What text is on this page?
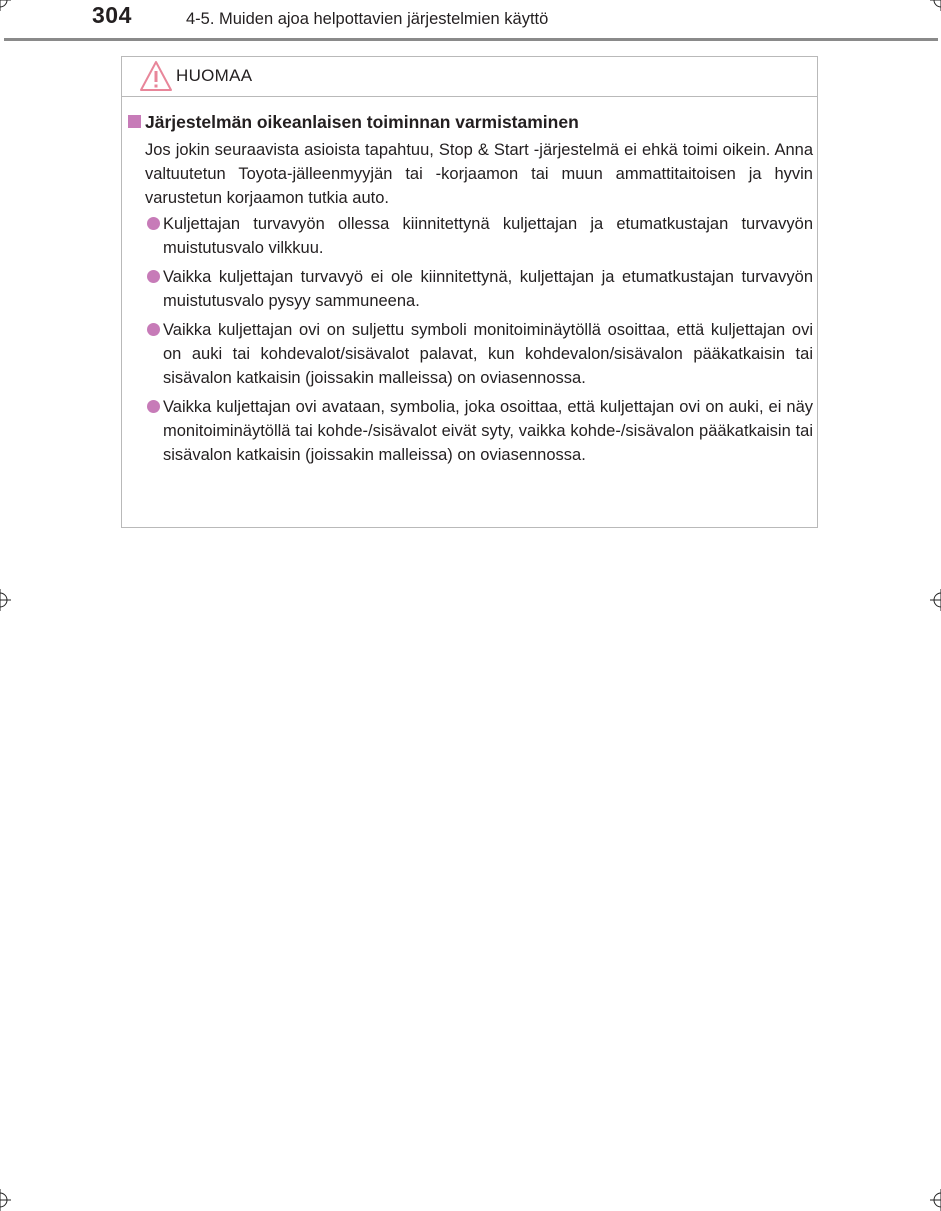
304	4-5. Muiden ajoa helpottavien järjestelmien käyttö
HUOMAA
Järjestelmän oikeanlaisen toiminnan varmistaminen

Jos jokin seuraavista asioista tapahtuu, Stop & Start -järjestelmä ei ehkä toimi oikein. Anna valtuutetun Toyota-jälleenmyyjän tai -korjaamon tai muun ammattitaitoisen ja hyvin varustetun korjaamon tutkia auto.

Kuljettajan turvavyön ollessa kiinnitettynä kuljettajan ja etumatkustajan turvavyön muistutusvalo vilkkuu.
Vaikka kuljettajan turvavyö ei ole kiinnitettynä, kuljettajan ja etumatkustajan turvavyön muistutusvalo pysyy sammuneena.
Vaikka kuljettajan ovi on suljettu symboli monitoiminäytöllä osoittaa, että kuljettajan ovi on auki tai kohdevalot/sisävalot palavat, kun kohdevalon/sisävalon pääkatkaisin tai sisävalon katkaisin (joissakin malleissa) on oviasennossa.
Vaikka kuljettajan ovi avataan, symbolia, joka osoittaa, että kuljettajan ovi on auki, ei näy monitoiminäytöllä tai kohde-/sisävalot eivät syty, vaikka kohde-/sisävalon pääkatkaisin tai sisävalon katkaisin (joissakin malleissa) on oviasennossa.
